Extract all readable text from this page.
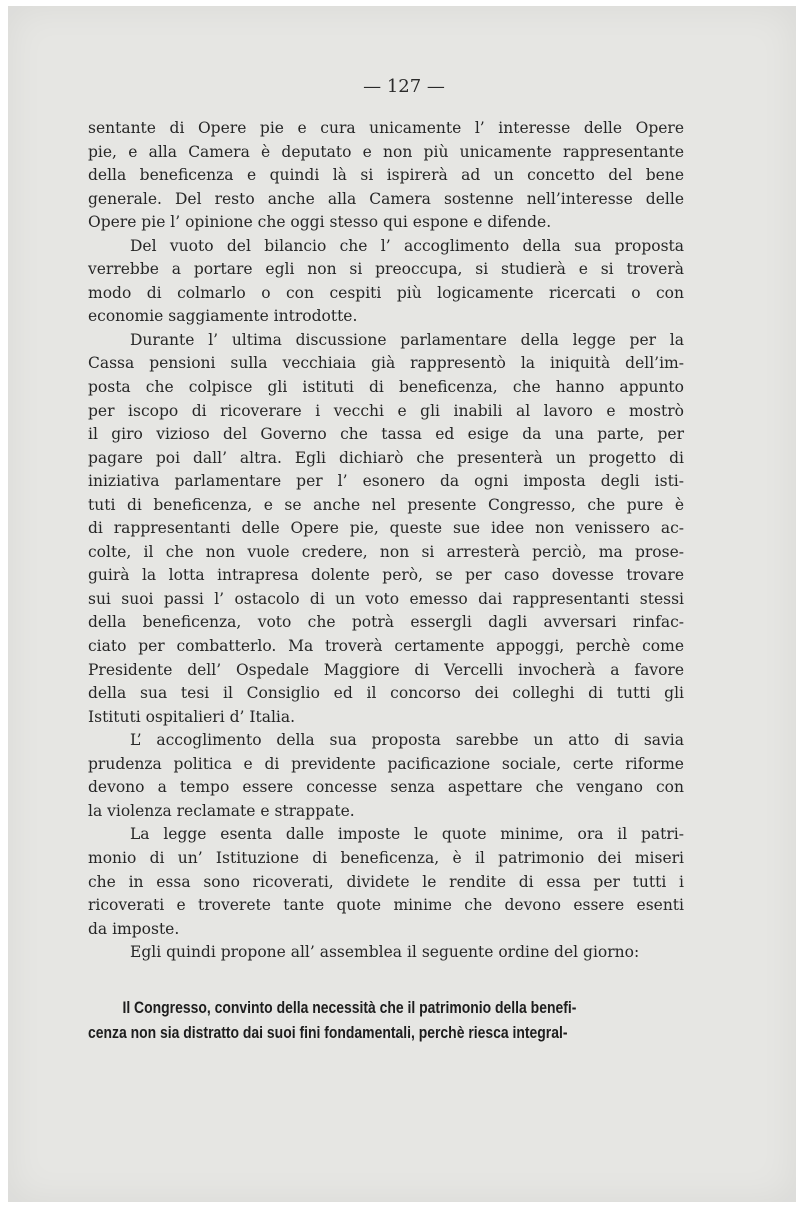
— 127 —

sentante di Opere pie e cura unicamente l’ interesse delle Opere

pie, e alla Camera è deputato e non più unicamente rappresentante

della beneficenza e quindi là si ispirerà ad un concetto del bene

generale. Del resto anche alla Camera sostenne nell’interesse delle

Opere pie l’ opinione che oggi stesso qui espone e difende.

Del vuoto del bilancio che l’ accoglimento della sua proposta

verrebbe a portare egli non si preoccupa, si studierà e si troverà

modo di colmarlo o con cespiti più logicamente ricercati o con

economie saggiamente introdotte.

Durante l’ ultima discussione parlamentare della legge per la

Cassa pensioni sulla vecchiaia già rappresentò la iniquità dell’im-

posta che colpisce gli istituti di beneficenza, che hanno appunto

per iscopo di ricoverare i vecchi e gli inabili al lavoro e mostrò

il giro vizioso del Governo che tassa ed esige da una parte, per

pagare poi dall’ altra. Egli dichiarò che presenterà un progetto di

iniziativa parlamentare per l’ esonero da ogni imposta degli isti-

tuti di beneficenza, e se anche nel presente Congresso, che pure è

di rappresentanti delle Opere pie, queste sue idee non venissero ac-

colte, il che non vuole credere, non si arresterà perciò, ma prose-

guirà la lotta intrapresa dolente però, se per caso dovesse trovare

sui suoi passi l’ ostacolo di un voto emesso dai rappresentanti stessi

della beneficenza, voto che potrà essergli dagli avversari rinfac-

ciato per combatterlo. Ma troverà certamente appoggi, perchè come

Presidente dell’ Ospedale Maggiore di Vercelli invocherà a favore

della sua tesi il Consiglio ed il concorso dei colleghi di tutti gli

Istituti ospitalieri d’ Italia.

L’ accoglimento della sua proposta sarebbe un atto di savia

prudenza politica e di previdente pacificazione sociale, certe riforme

devono a tempo essere concesse senza aspettare che vengano con

la violenza reclamate e strappate.

La legge esenta dalle imposte le quote minime, ora il patri-

monio di un’ Istituzione di beneficenza, è il patrimonio dei miseri

che in essa sono ricoverati, dividete le rendite di essa per tutti i

ricoverati e troverete tante quote minime che devono essere esenti

da imposte.

Egli quindi propone all’ assemblea il seguente ordine del giorno:

Il Congresso, convinto della necessità che il patrimonio della benefi-

cenza non sia distratto dai suoi fini fondamentali, perchè riesca integral-
